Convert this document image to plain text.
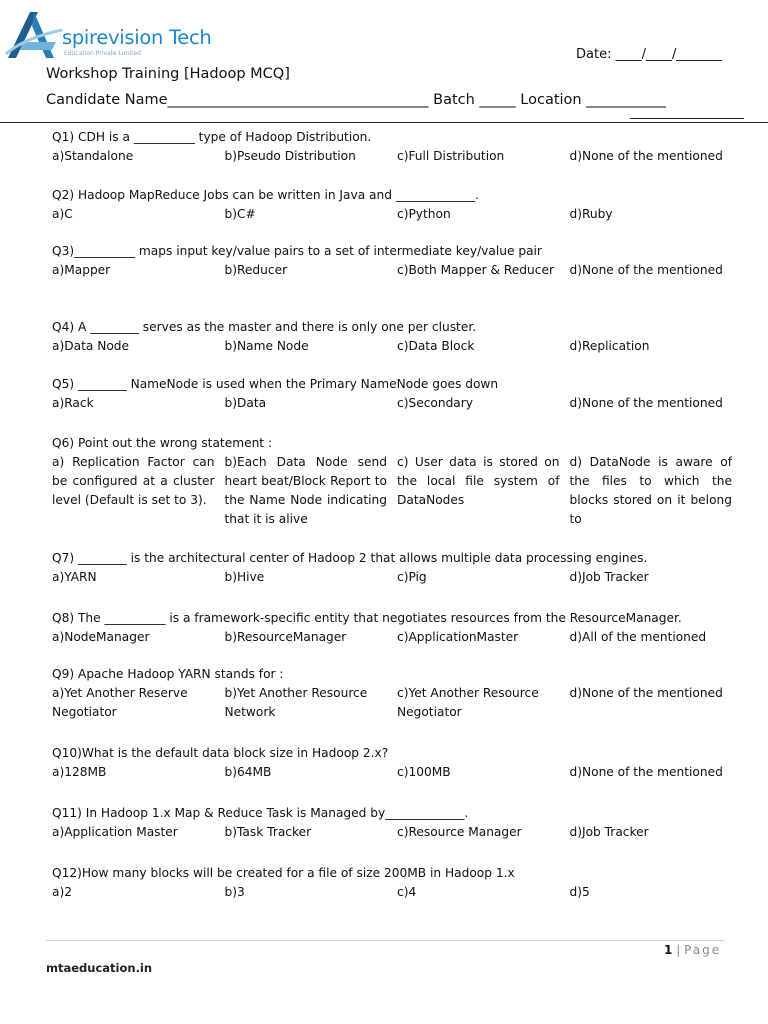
spirevision Tech
Education Private Limited	Date: ____/____/_______
Workshop Training [Hadoop MCQ]
Candidate Name____________________________________ Batch _____ Location ___________
Q1) CDH is a __________ type of Hadoop Distribution.
a)Standalone	b)Pseudo Distribution	c)Full Distribution	d)None of the mentioned
Q2) Hadoop MapReduce Jobs can be written in Java and _____________.
a)C	b)C#	c)Python	d)Ruby
Q3)__________ maps input key/value pairs to a set of intermediate key/value pair
a)Mapper	b)Reducer	c)Both Mapper & Reducer	d)None of the mentioned
Q4) A ________ serves as the master and there is only one per cluster.
a)Data Node	b)Name Node	c)Data Block	d)Replication
Q5) ________ NameNode is used when the Primary NameNode goes down
a)Rack	b)Data	c)Secondary	d)None of the mentioned
Q6) Point out the wrong statement :
a) Replication Factor can be configured at a cluster level (Default is set to 3).
b)Each Data Node send heart beat/Block Report to the Name Node indicating that it is alive
c) User data is stored on the local file system of DataNodes
d) DataNode is aware of the files to which the blocks stored on it belong to
Q7) ________ is the architectural center of Hadoop 2 that allows multiple data processing engines.
a)YARN	b)Hive	c)Pig	d)Job Tracker
Q8) The __________ is a framework-specific entity that negotiates resources from the ResourceManager.
a)NodeManager	b)ResourceManager	c)ApplicationMaster	d)All of the mentioned
Q9) Apache Hadoop YARN stands for :
a)Yet Another Reserve Negotiator
b)Yet Another Resource Network
c)Yet Another Resource Negotiator
d)None of the mentioned
Q10)What is the default data block size in Hadoop 2.x?
a)128MB	b)64MB	c)100MB	d)None of the mentioned
Q11) In Hadoop 1.x Map & Reduce Task is Managed by_____________.
a)Application Master	b)Task Tracker	c)Resource Manager	d)Job Tracker
Q12)How many blocks will be created for a file of size 200MB in Hadoop 1.x
a)2	b)3	c)4	d)5
1 | Page
mtaeducation.in
